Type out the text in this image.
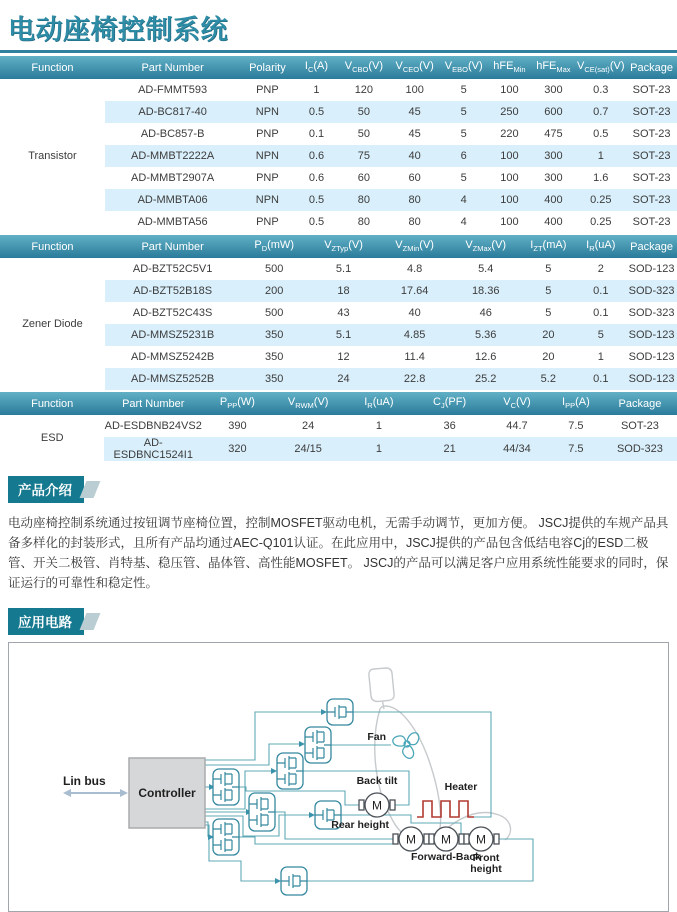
电动座椅控制系统
Function	Part Number	Polarity	$I_C(A)$	$V_{CBO}(V)$	$V_{CEO}(V)$	$V_{EBO}(V)$	hFE$_{Min}$	hFE$_{Max}$	$V_{CE(sat)}(V)$	Package
Transistor	AD-FMMT593	PNP	1	120	100	5	100	300	0.3	SOT-23
	AD-BC817-40	NPN	0.5	50	45	5	250	600	0.7	SOT-23
	AD-BC857-B	PNP	0.1	50	45	5	220	475	0.5	SOT-23
	AD-MMBT2222A	NPN	0.6	75	40	6	100	300	1	SOT-23
	AD-MMBT2907A	PNP	0.6	60	60	5	100	300	1.6	SOT-23
	AD-MMBTA06	NPN	0.5	80	80	4	100	400	0.25	SOT-23
	AD-MMBTA56	PNP	0.5	80	80	4	100	400	0.25	SOT-23
Function	Part Number	$P_D(mW)$	$V_{ZTyp}(V)$	$V_{ZMin}(V)$	$V_{ZMax}(V)$	$I_{ZT}(mA)$	$I_R(uA)$	Package
Zener Diode	AD-BZT52C5V1	500	5.1	4.8	5.4	5	2	SOD-123
	AD-BZT52B18S	200	18	17.64	18.36	5	0.1	SOD-323
	AD-BZT52C43S	500	43	40	46	5	0.1	SOD-323
	AD-MMSZ5231B	350	5.1	4.85	5.36	20	5	SOD-123
	AD-MMSZ5242B	350	12	11.4	12.6	20	1	SOD-123
	AD-MMSZ5252B	350	24	22.8	25.2	5.2	0.1	SOD-123
Function	Part Number	$P_{PP}(W)$	$V_{RWM}(V)$	$I_R(uA)$	$C_J(PF)$	$V_C(V)$	$I_{PP}(A)$	Package
ESD	AD-ESDBNB24VS2	390	24	1	36	44.7	7.5	SOT-23
	AD-ESDBNC1524I1	320	24/15	1	21	44/34	7.5	SOD-323
产品介绍

电动座椅控制系统通过按钮调节座椅位置，控制MOSFET驱动电机，无需手动调节，更加方便。 JSCJ提供的车规产品具备多样化的封装形式，且所有产品均通过AEC-Q101认证。在此应用中，JSCJ提供的产品包含低结电容Cj的ESD二极管、开关二极管、肖特基、稳压管、晶体管、高性能MOSFET。 JSCJ的产品可以满足客户应用系统性能要求的同时，保证运行的可靠性和稳定性。

应用电路
Controller
Lin bus
Fan
Heater
M
Back tilt
M M M
Rear height
Forward-Back
Front
height
